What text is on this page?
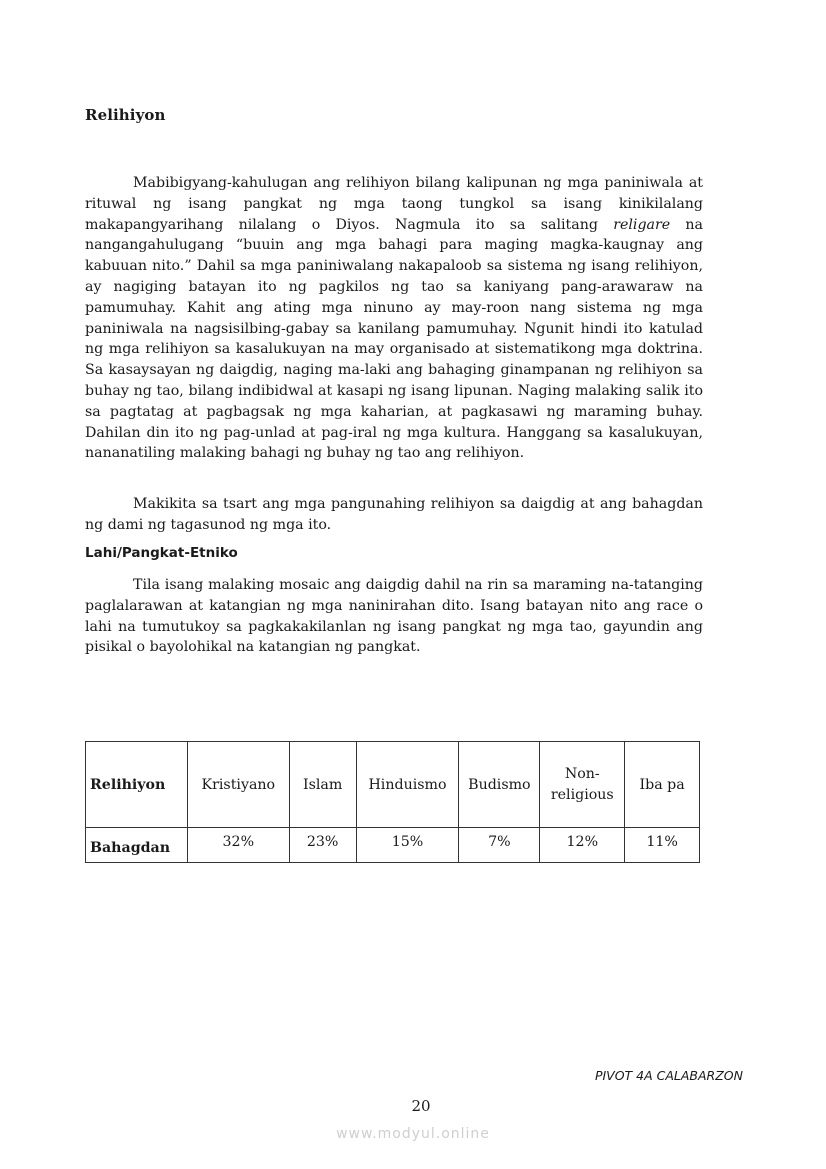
Relihiyon

Mabibigyang-kahulugan ang relihiyon bilang kalipunan ng mga paniniwala at rituwal ng isang pangkat ng mga taong tungkol sa isang kinikilalang makapangyarihang nilalang o Diyos. Nagmula ito sa salitang religare na nangangahulugang “buuin ang mga bahagi para maging magka-kaugnay ang kabuuan nito.” Dahil sa mga paniniwalang nakapaloob sa sistema ng isang relihiyon, ay nagiging batayan ito ng pagkilos ng tao sa kaniyang pang-arawaraw na pamumuhay. Kahit ang ating mga ninuno ay may-roon nang sistema ng mga paniniwala na nagsisilbing-gabay sa kanilang pamumuhay. Ngunit hindi ito katulad ng mga relihiyon sa kasalukuyan na may organisado at sistematikong mga doktrina. Sa kasaysayan ng daigdig, naging ma-laki ang bahaging ginampanan ng relihiyon sa buhay ng tao, bilang indibidwal at kasapi ng isang lipunan. Naging malaking salik ito sa pagtatag at pagbagsak ng mga kaharian, at pagkasawi ng maraming buhay. Dahilan din ito ng pag-unlad at pag-iral ng mga kultura. Hanggang sa kasalukuyan, nananatiling malaking bahagi ng buhay ng tao ang relihiyon.

Makikita sa tsart ang mga pangunahing relihiyon sa daigdig at ang bahagdan ng dami ng tagasunod ng mga ito.

Lahi/Pangkat-Etniko

Tila isang malaking mosaic ang daigdig dahil na rin sa maraming na-tatanging paglalarawan at katangian ng mga naninirahan dito. Isang batayan nito ang race o lahi na tumutukoy sa pagkakakilanlan ng isang pangkat ng mga tao, gayundin ang pisikal o bayolohikal na katangian ng pangkat.

Relihiyon	Kristiyano	Islam	Hinduismo	Budismo	Non-religious	Iba pa
Bahagdan	32%	23%	15%	7%	12%	11%
PIVOT 4A CALABARZON
20
www.modyul.online
